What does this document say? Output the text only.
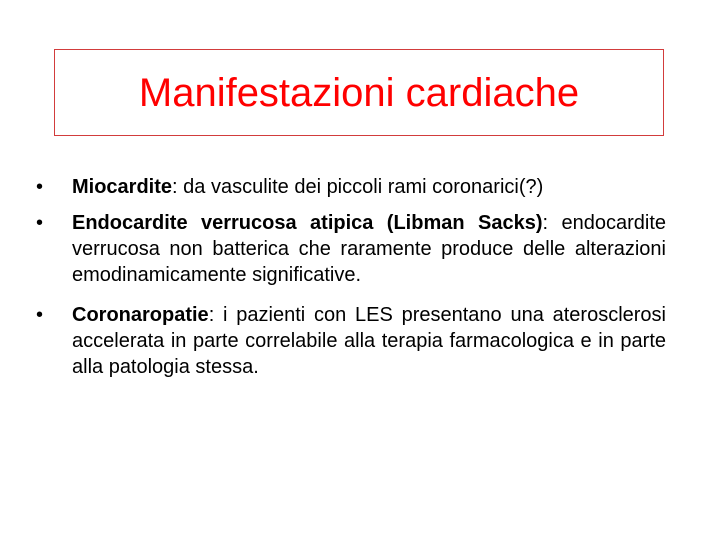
Manifestazioni cardiache
• Miocardite: da vasculite dei piccoli rami coronarici(?)
• Endocardite verrucosa atipica (Libman Sacks): endocardite verrucosa non batterica che raramente produce delle alterazioni emodinamicamente significative.
• Coronaropatie: i pazienti con LES presentano una aterosclerosi accelerata in parte correlabile alla terapia farmacologica e in parte alla patologia stessa.
